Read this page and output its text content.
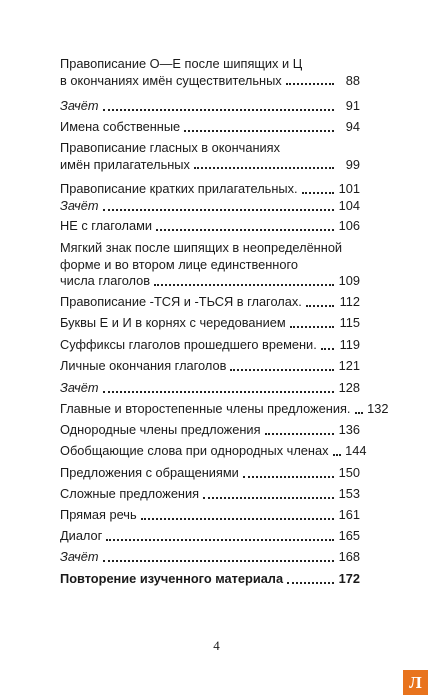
Правописание О—Е после шипящих и Ц
в окончаниях имён существительных	88
Зачёт	91
Имена собственные	94
Правописание гласных в окончаниях
имён прилагательных	99
Правописание кратких прилагательных.	101
Зачёт	104
НЕ с глаголами	106
Мягкий знак после шипящих в неопределённой
форме и во втором лице единственного
числа глаголов	109
Правописание -ТСЯ и -ТЬСЯ в глаголах.	112
Буквы Е и И в корнях с чередованием	115
Суффиксы глаголов прошедшего времени. 119
Личные окончания глаголов	121
Зачёт	128
Главные и второстепенные члены предложения. 132
Однородные члены предложения	136
Обобщающие слова при однородных членах 144
Предложения с обращениями	150
Сложные предложения	153
Прямая речь	161
Диалог	165
Зачёт	168
Повторение изученного материала	172
4
Л
